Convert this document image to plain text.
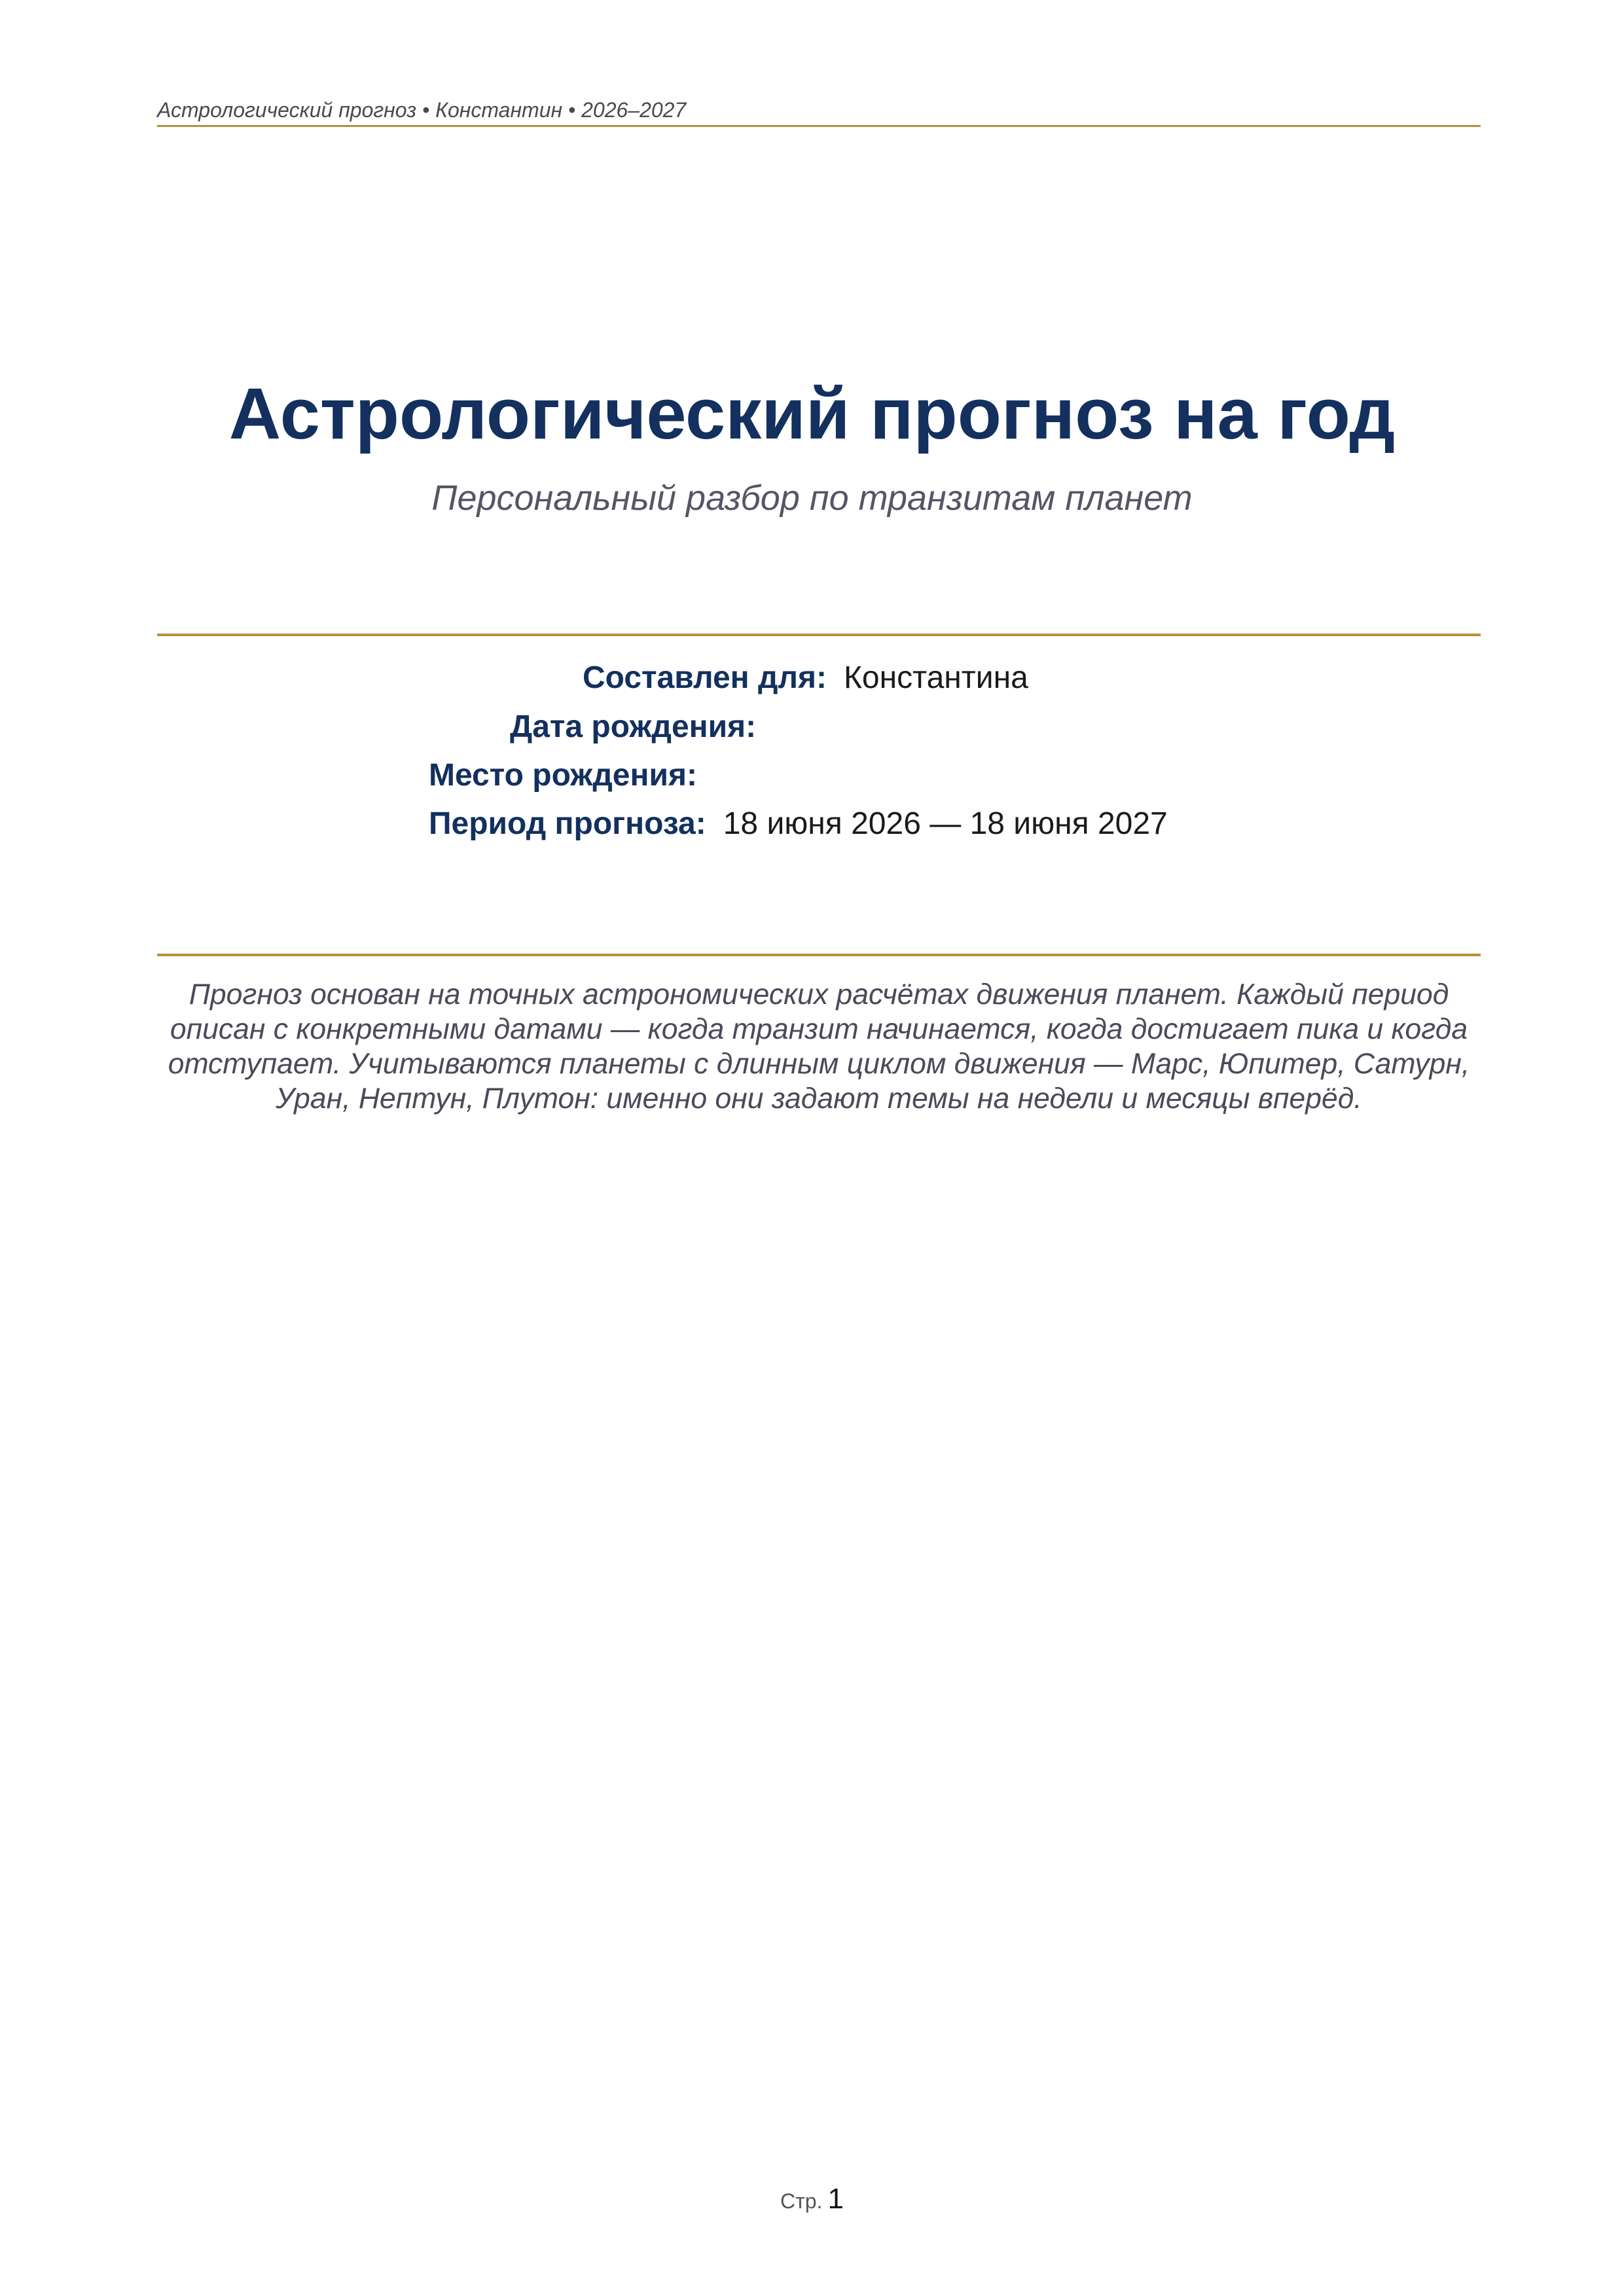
Астрологический прогноз • Константин • 2026–2027
Астрологический прогноз на год
Персональный разбор по транзитам планет
Составлен для: Константина
Дата рождения:
Место рождения:
Период прогноза: 18 июня 2026 — 18 июня 2027
Прогноз основан на точных астрономических расчётах движения планет. Каждый период описан с конкретными датами — когда транзит начинается, когда достигает пика и когда отступает. Учитываются планеты с длинным циклом движения — Марс, Юпитер, Сатурн, Уран, Нептун, Плутон: именно они задают темы на недели и месяцы вперёд.
Стр. 1
